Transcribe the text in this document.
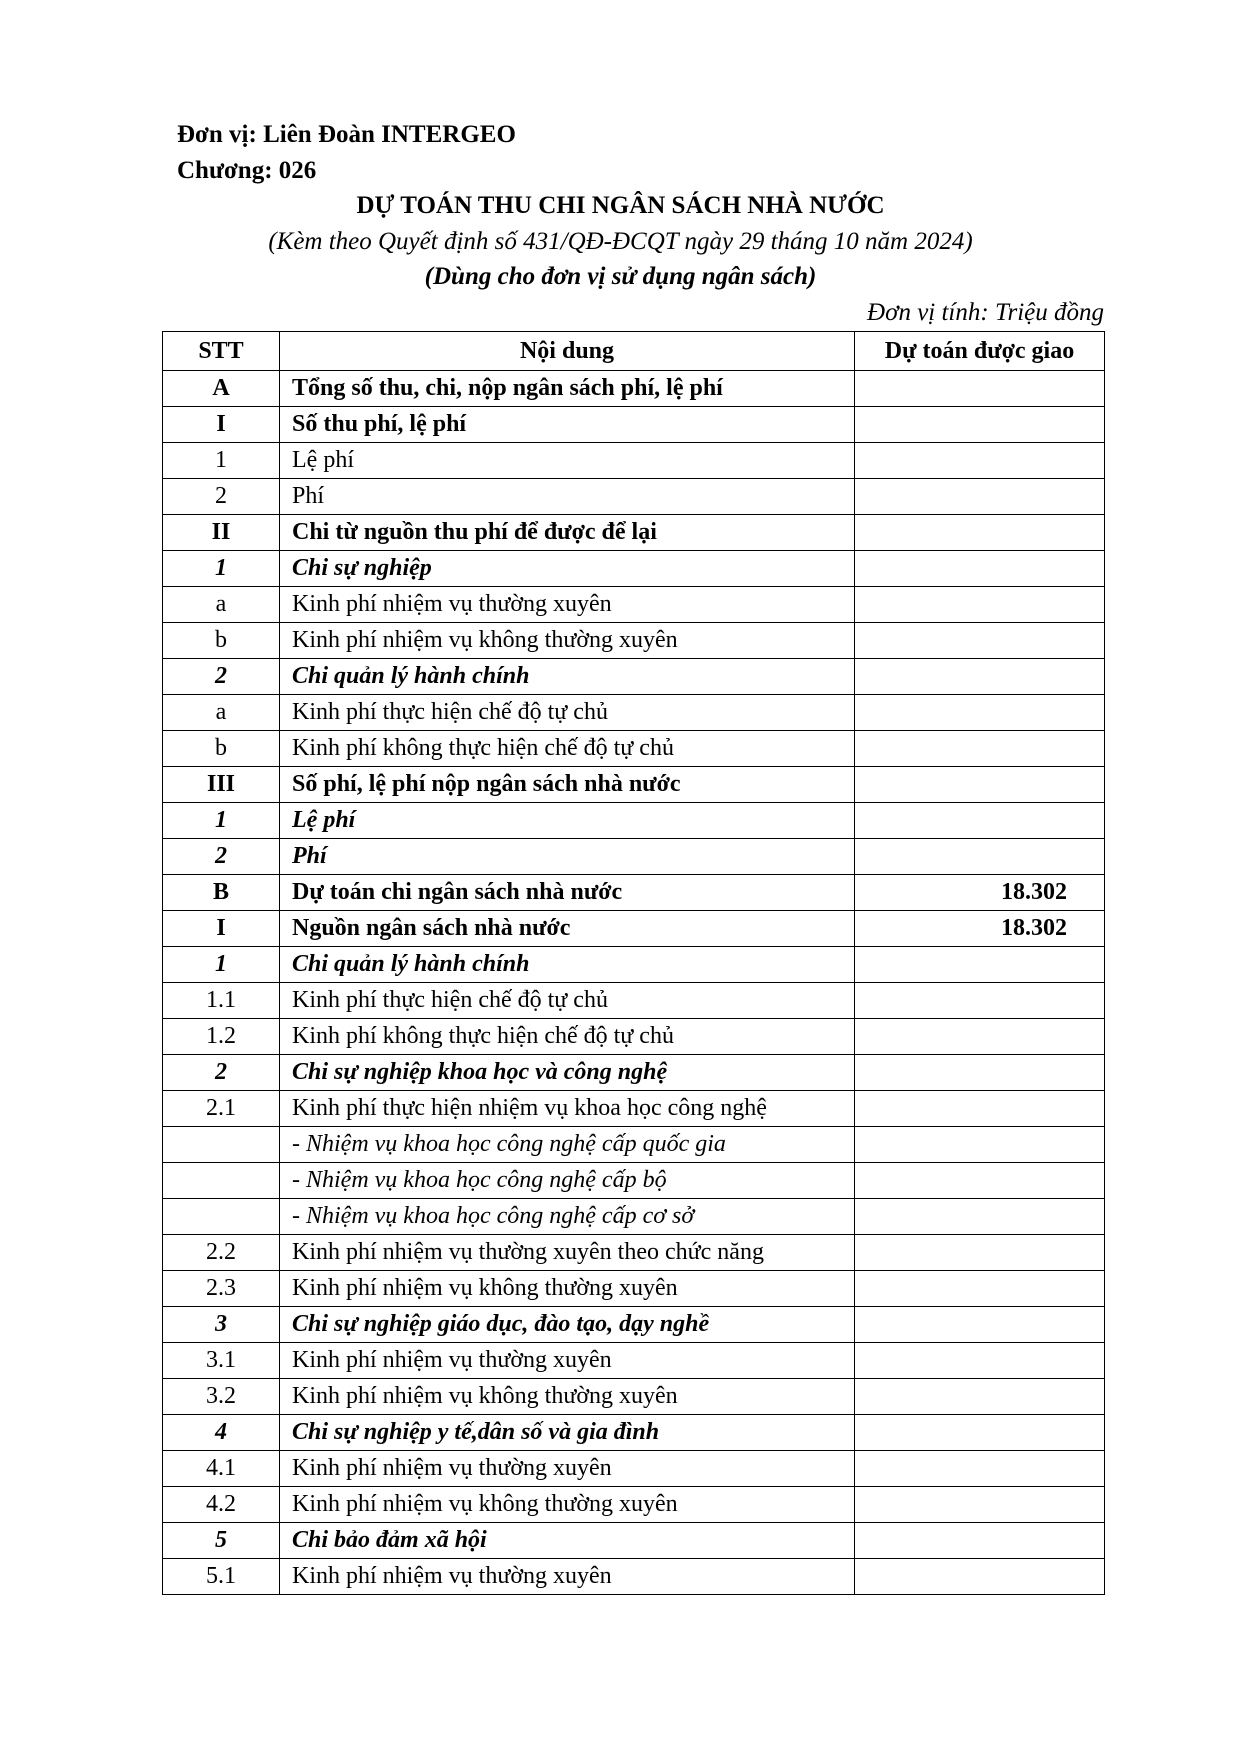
Đơn vị: Liên Đoàn INTERGEO
Chương: 026
DỰ TOÁN THU CHI NGÂN SÁCH NHÀ NƯỚC
(Kèm theo Quyết định số 431/QĐ-ĐCQT ngày 29 tháng 10 năm 2024)
(Dùng cho đơn vị sử dụng ngân sách)
Đơn vị tính: Triệu đồng
STT	Nội dung	Dự toán được giao
A	Tổng số thu, chi, nộp ngân sách phí, lệ phí	
I	Số thu phí, lệ phí	
1	Lệ phí	
2	Phí	
II	Chi từ nguồn thu phí để được để lại	
1	Chi sự nghiệp	
a	Kinh phí nhiệm vụ thường xuyên	
b	Kinh phí nhiệm vụ không thường xuyên	
2	Chi quản lý hành chính	
a	Kinh phí thực hiện chế độ tự chủ	
b	Kinh phí không thực hiện chế độ tự chủ	
III	Số phí, lệ phí nộp ngân sách nhà nước	
1	Lệ phí	
2	Phí	
B	Dự toán chi ngân sách nhà nước	18.302
I	Nguồn ngân sách nhà nước	18.302
1	Chi quản lý hành chính	
1.1	Kinh phí thực hiện chế độ tự chủ	
1.2	Kinh phí không thực hiện chế độ tự chủ	
2	Chi sự nghiệp khoa học và công nghệ	
2.1	Kinh phí thực hiện nhiệm vụ khoa học công nghệ	
	- Nhiệm vụ khoa học công nghệ cấp quốc gia	
	- Nhiệm vụ khoa học công nghệ cấp bộ	
	- Nhiệm vụ khoa học công nghệ cấp cơ sở	
2.2	Kinh phí nhiệm vụ thường xuyên theo chức năng	
2.3	Kinh phí nhiệm vụ không thường xuyên	
3	Chi sự nghiệp giáo dục, đào tạo, dạy nghề	
3.1	Kinh phí nhiệm vụ thường xuyên	
3.2	Kinh phí nhiệm vụ không thường xuyên	
4	Chi sự nghiệp y tế,dân số và gia đình	
4.1	Kinh phí nhiệm vụ thường xuyên	
4.2	Kinh phí nhiệm vụ không thường xuyên	
5	Chi bảo đảm xã hội	
5.1	Kinh phí nhiệm vụ thường xuyên	
